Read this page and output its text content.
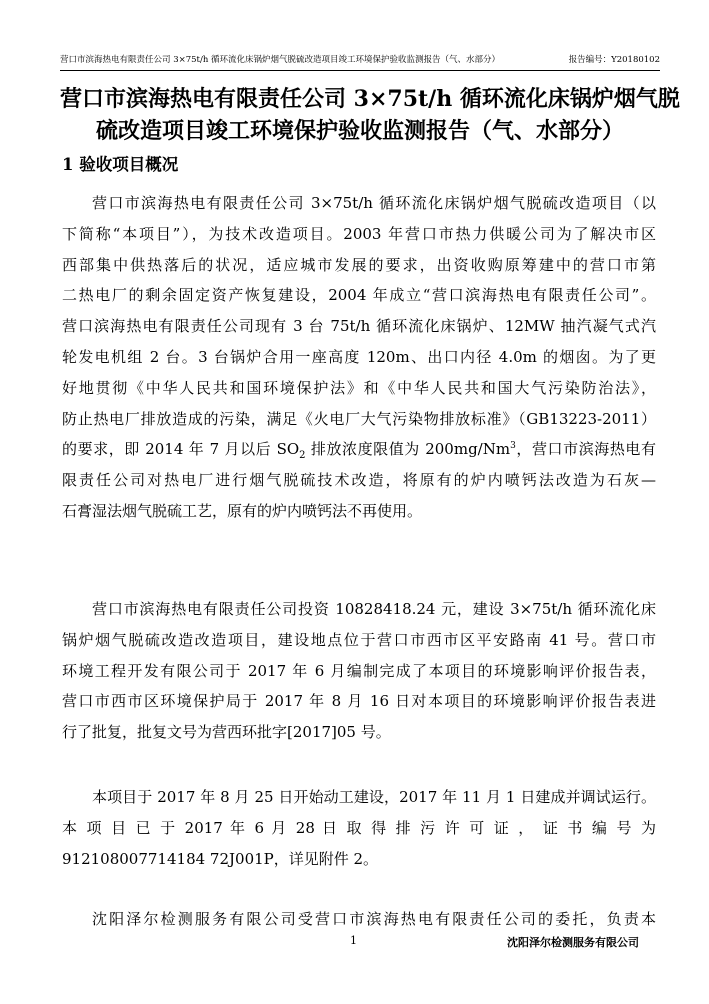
营口市滨海热电有限责任公司 3×75t/h 循环流化床锅炉烟气脱硫改造项目竣工环境保护验收监测报告（气、水部分）	报告编号：Y20180102
营口市滨海热电有限责任公司 3×75t/h 循环流化床锅炉烟气脱
硫改造项目竣工环境保护验收监测报告（气、水部分）
1 验收项目概况
营口市滨海热电有限责任公司 3×75t/h 循环流化床锅炉烟气脱硫改造项目（以
下简称“本项目”），为技术改造项目。2003 年营口市热力供暖公司为了解决市区
西部集中供热落后的状况，适应城市发展的要求，出资收购原筹建中的营口市第
二热电厂的剩余固定资产恢复建设，2004 年成立“营口滨海热电有限责任公司”。
营口滨海热电有限责任公司现有 3 台 75t/h 循环流化床锅炉、12MW 抽汽凝气式汽
轮发电机组 2 台。3 台锅炉合用一座高度 120m、出口内径 4.0m 的烟囱。为了更
好地贯彻《中华人民共和国环境保护法》和《中华人民共和国大气污染防治法》，
防止热电厂排放造成的污染，满足《火电厂大气污染物排放标准》（GB13223-2011）
的要求，即 2014 年 7 月以后 $SO_2$ 排放浓度限值为 200mg/Nm$^3$，营口市滨海热电有
限责任公司对热电厂进行烟气脱硫技术改造，将原有的炉内喷钙法改造为石灰—
石膏湿法烟气脱硫工艺，原有的炉内喷钙法不再使用。
营口市滨海热电有限责任公司投资 10828418.24 元，建设 3×75t/h 循环流化床
锅炉烟气脱硫改造改造项目，建设地点位于营口市西市区平安路南 41 号。营口市
环境工程开发有限公司于 2017 年 6 月编制完成了本项目的环境影响评价报告表，
营口市西市区环境保护局于 2017 年 8 月 16 日对本项目的环境影响评价报告表进
行了批复，批复文号为营西环批字[2017]05 号。
本项目于 2017 年 8 月 25 日开始动工建设，2017 年 11 月 1 日建成并调试运行。
本 项 目 已 于 2017 年 6 月 28 日 取 得 排 污 许 可 证 ， 证 书 编 号 为
912108007714184 72J001P，详见附件 2。
沈阳泽尔检测服务有限公司受营口市滨海热电有限责任公司的委托，负责本
1	沈阳泽尔检测服务有限公司
